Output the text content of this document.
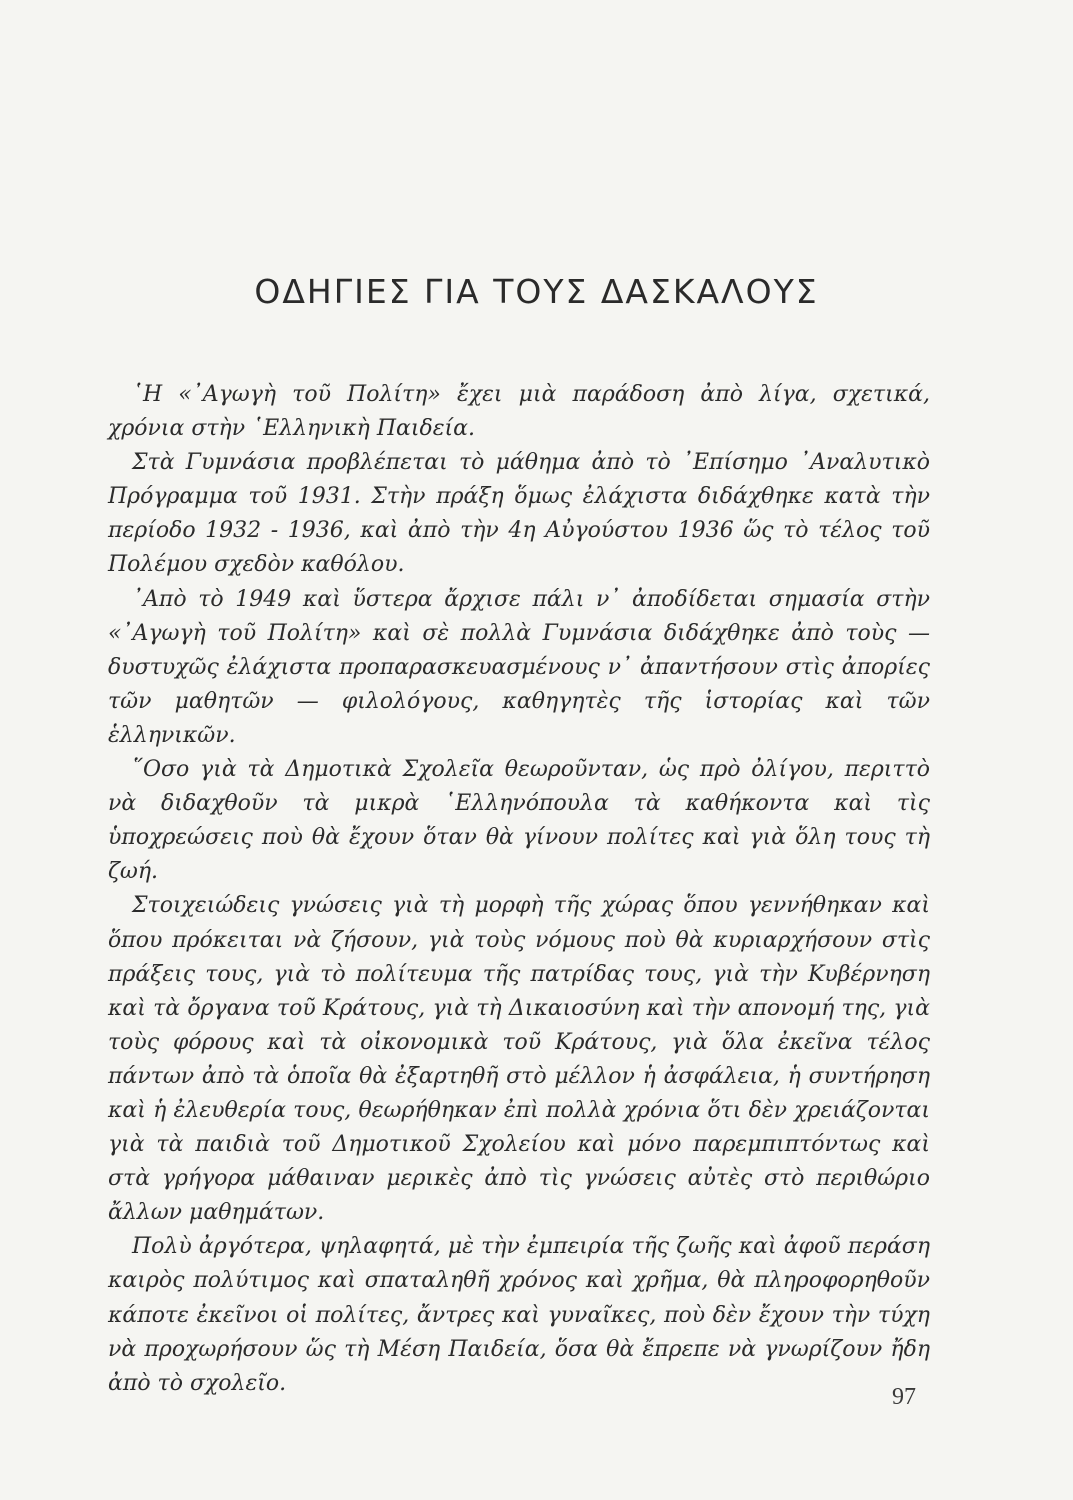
ΟΔΗΓΙΕΣ ΓΙΑ ΤΟΥΣ ΔΑΣΚΑΛΟΥΣ

῾Η «᾿Αγωγὴ τοῦ Πολίτη» ἔχει μιὰ παράδοση ἀπὸ λίγα, σχετικά, χρόνια στὴν ῾Ελληνικὴ Παιδεία.

Στὰ Γυμνάσια προβλέπεται τὸ μάθημα ἀπὸ τὸ ᾿Επίσημο ᾿Αναλυτικὸ Πρόγραμμα τοῦ 1931. Στὴν πράξη ὅμως ἐλάχιστα διδάχθηκε κατὰ τὴν περίοδο 1932 - 1936, καὶ ἀπὸ τὴν 4η Αὐγούστου 1936 ὥς τὸ τέλος τοῦ Πολέμου σχεδὸν καθόλου.

᾿Απὸ τὸ 1949 καὶ ὕστερα ἄρχισε πάλι ν᾿ ἀποδίδεται σημασία στὴν «᾿Αγωγὴ τοῦ Πολίτη» καὶ σὲ πολλὰ Γυμνάσια διδάχθηκε ἀπὸ τοὺς — δυστυχῶς ἐλάχιστα προπαρασκευασμένους ν᾿ ἀπαντήσουν στὶς ἀπορίες τῶν μαθητῶν — φιλολόγους, καθηγητὲς τῆς ἱστορίας καὶ τῶν ἑλληνικῶν.

῞Οσο γιὰ τὰ Δημοτικὰ Σχολεῖα θεωροῦνταν, ὡς πρὸ ὀλίγου, περιττὸ νὰ διδαχθοῦν τὰ μικρὰ ῾Ελληνόπουλα τὰ καθήκοντα καὶ τὶς ὑποχρεώσεις ποὺ θὰ ἔχουν ὅταν θὰ γίνουν πολίτες καὶ γιὰ ὅλη τους τὴ ζωή.

Στοιχειώδεις γνώσεις γιὰ τὴ μορφὴ τῆς χώρας ὅπου γεννήθηκαν καὶ ὅπου πρόκειται νὰ ζήσουν, γιὰ τοὺς νόμους ποὺ θὰ κυριαρχήσουν στὶς πράξεις τους, γιὰ τὸ πολίτευμα τῆς πατρίδας τους, γιὰ τὴν Κυβέρνηση καὶ τὰ ὄργανα τοῦ Κράτους, γιὰ τὴ Δικαιοσύνη καὶ τὴν απονομή της, γιὰ τοὺς φόρους καὶ τὰ οἰκονομικὰ τοῦ Κράτους, γιὰ ὅλα ἐκεῖνα τέλος πάντων ἀπὸ τὰ ὁποῖα θὰ ἐξαρτηθῆ στὸ μέλλον ἡ ἀσφάλεια, ἡ συντήρηση καὶ ἡ ἐλευθερία τους, θεωρήθηκαν ἐπὶ πολλὰ χρόνια ὅτι δὲν χρειάζονται γιὰ τὰ παιδιὰ τοῦ Δημοτικοῦ Σχολείου καὶ μόνο παρεμπιπτόντως καὶ στὰ γρήγορα μάθαιναν μερικὲς ἀπὸ τὶς γνώσεις αὐτὲς στὸ περιθώριο ἄλλων μαθημάτων.

Πολὺ ἀργότερα, ψηλαφητά, μὲ τὴν ἐμπειρία τῆς ζωῆς καὶ ἀφοῦ περάση καιρὸς πολύτιμος καὶ σπαταληθῆ χρόνος καὶ χρῆμα, θὰ πληροφορηθοῦν κάποτε ἐκεῖνοι οἱ πολίτες, ἄντρες καὶ γυναῖκες, ποὺ δὲν ἔχουν τὴν τύχη νὰ προχωρήσουν ὥς τὴ Μέση Παιδεία, ὅσα θὰ ἔπρεπε νὰ γνωρίζουν ἤδη ἀπὸ τὸ σχολεῖο.

97
